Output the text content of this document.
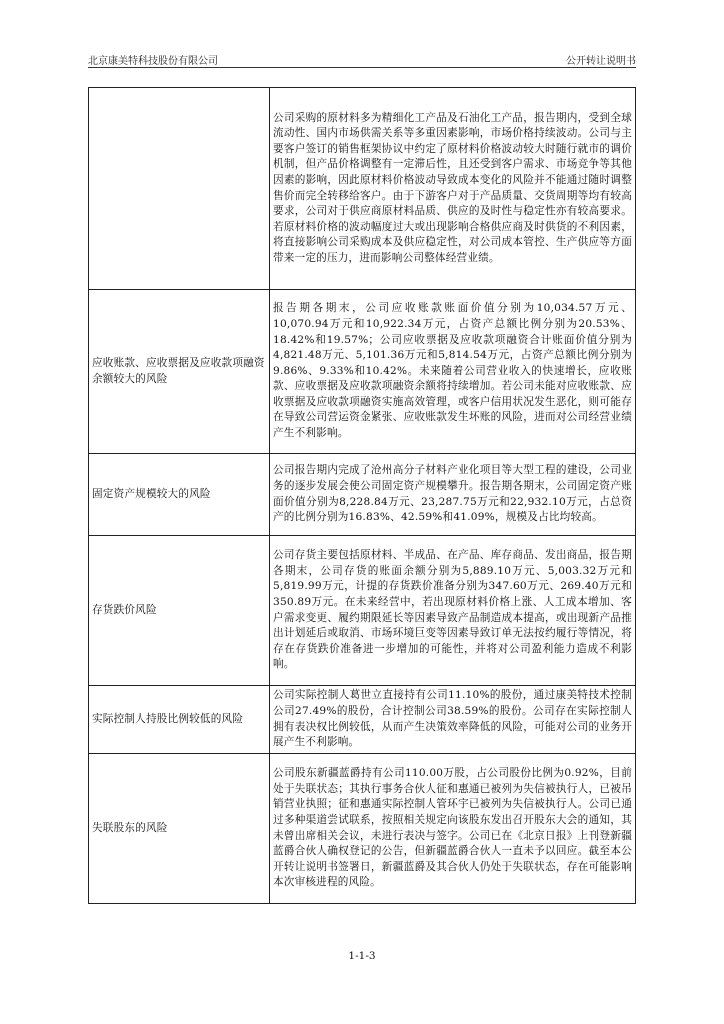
北京康美特科技股份有限公司	公开转让说明书
	公司采购的原材料多为精细化工产品及石油化工产品，报告期内，受到全球流动性、国内市场供需关系等多重因素影响，市场价格持续波动。公司与主要客户签订的销售框架协议中约定了原材料价格波动较大时随行就市的调价机制，但产品价格调整有一定滞后性，且还受到客户需求、市场竞争等其他因素的影响，因此原材料价格波动导致成本变化的风险并不能通过随时调整售价而完全转移给客户。由于下游客户对于产品质量、交货周期等均有较高要求，公司对于供应商原材料品质、供应的及时性与稳定性亦有较高要求。若原材料价格的波动幅度过大或出现影响合格供应商及时供货的不利因素，将直接影响公司采购成本及供应稳定性，对公司成本管控、生产供应等方面带来一定的压力，进而影响公司整体经营业绩。
应收账款、应收票据及应收款项融资余额较大的风险	报告期各期末，公司应收账款账面价值分别为10,034.57万元、10,070.94万元和10,922.34万元，占资产总额比例分别为20.53%、18.42%和19.57%；公司应收票据及应收款项融资合计账面价值分别为4,821.48万元、5,101.36万元和5,814.54万元，占资产总额比例分别为9.86%、9.33%和10.42%。未来随着公司营业收入的快速增长，应收账款、应收票据及应收款项融资余额将持续增加。若公司未能对应收账款、应收票据及应收款项融资实施高效管理，或客户信用状况发生恶化，则可能存在导致公司营运资金紧张、应收账款发生坏账的风险，进而对公司经营业绩产生不利影响。
固定资产规模较大的风险	公司报告期内完成了沧州高分子材料产业化项目等大型工程的建设，公司业务的逐步发展会使公司固定资产规模攀升。报告期各期末，公司固定资产账面价值分别为8,228.84万元、23,287.75万元和22,932.10万元，占总资产的比例分别为16.83%、42.59%和41.09%，规模及占比均较高。
存货跌价风险	公司存货主要包括原材料、半成品、在产品、库存商品、发出商品，报告期各期末，公司存货的账面余额分别为5,889.10万元、5,003.32万元和5,819.99万元，计提的存货跌价准备分别为347.60万元、269.40万元和350.89万元。在未来经营中，若出现原材料价格上涨、人工成本增加、客户需求变更、履约期限延长等因素导致产品制造成本提高，或出现新产品推出计划延后或取消、市场环境巨变等因素导致订单无法按约履行等情况，将存在存货跌价准备进一步增加的可能性，并将对公司盈利能力造成不利影响。
实际控制人持股比例较低的风险	公司实际控制人葛世立直接持有公司11.10%的股份，通过康美特技术控制公司27.49%的股份，合计控制公司38.59%的股份。公司存在实际控制人拥有表决权比例较低，从而产生决策效率降低的风险，可能对公司的业务开展产生不利影响。
失联股东的风险	公司股东新疆蓝爵持有公司110.00万股，占公司股份比例为0.92%，目前处于失联状态；其执行事务合伙人征和惠通已被列为失信被执行人，已被吊销营业执照；征和惠通实际控制人管环宇已被列为失信被执行人。公司已通过多种渠道尝试联系，按照相关规定向该股东发出召开股东大会的通知，其未曾出席相关会议，未进行表决与签字。公司已在《北京日报》上刊登新疆蓝爵合伙人确权登记的公告，但新疆蓝爵合伙人一直未予以回应。截至本公开转让说明书签署日，新疆蓝爵及其合伙人仍处于失联状态，存在可能影响本次审核进程的风险。
1-1-3
